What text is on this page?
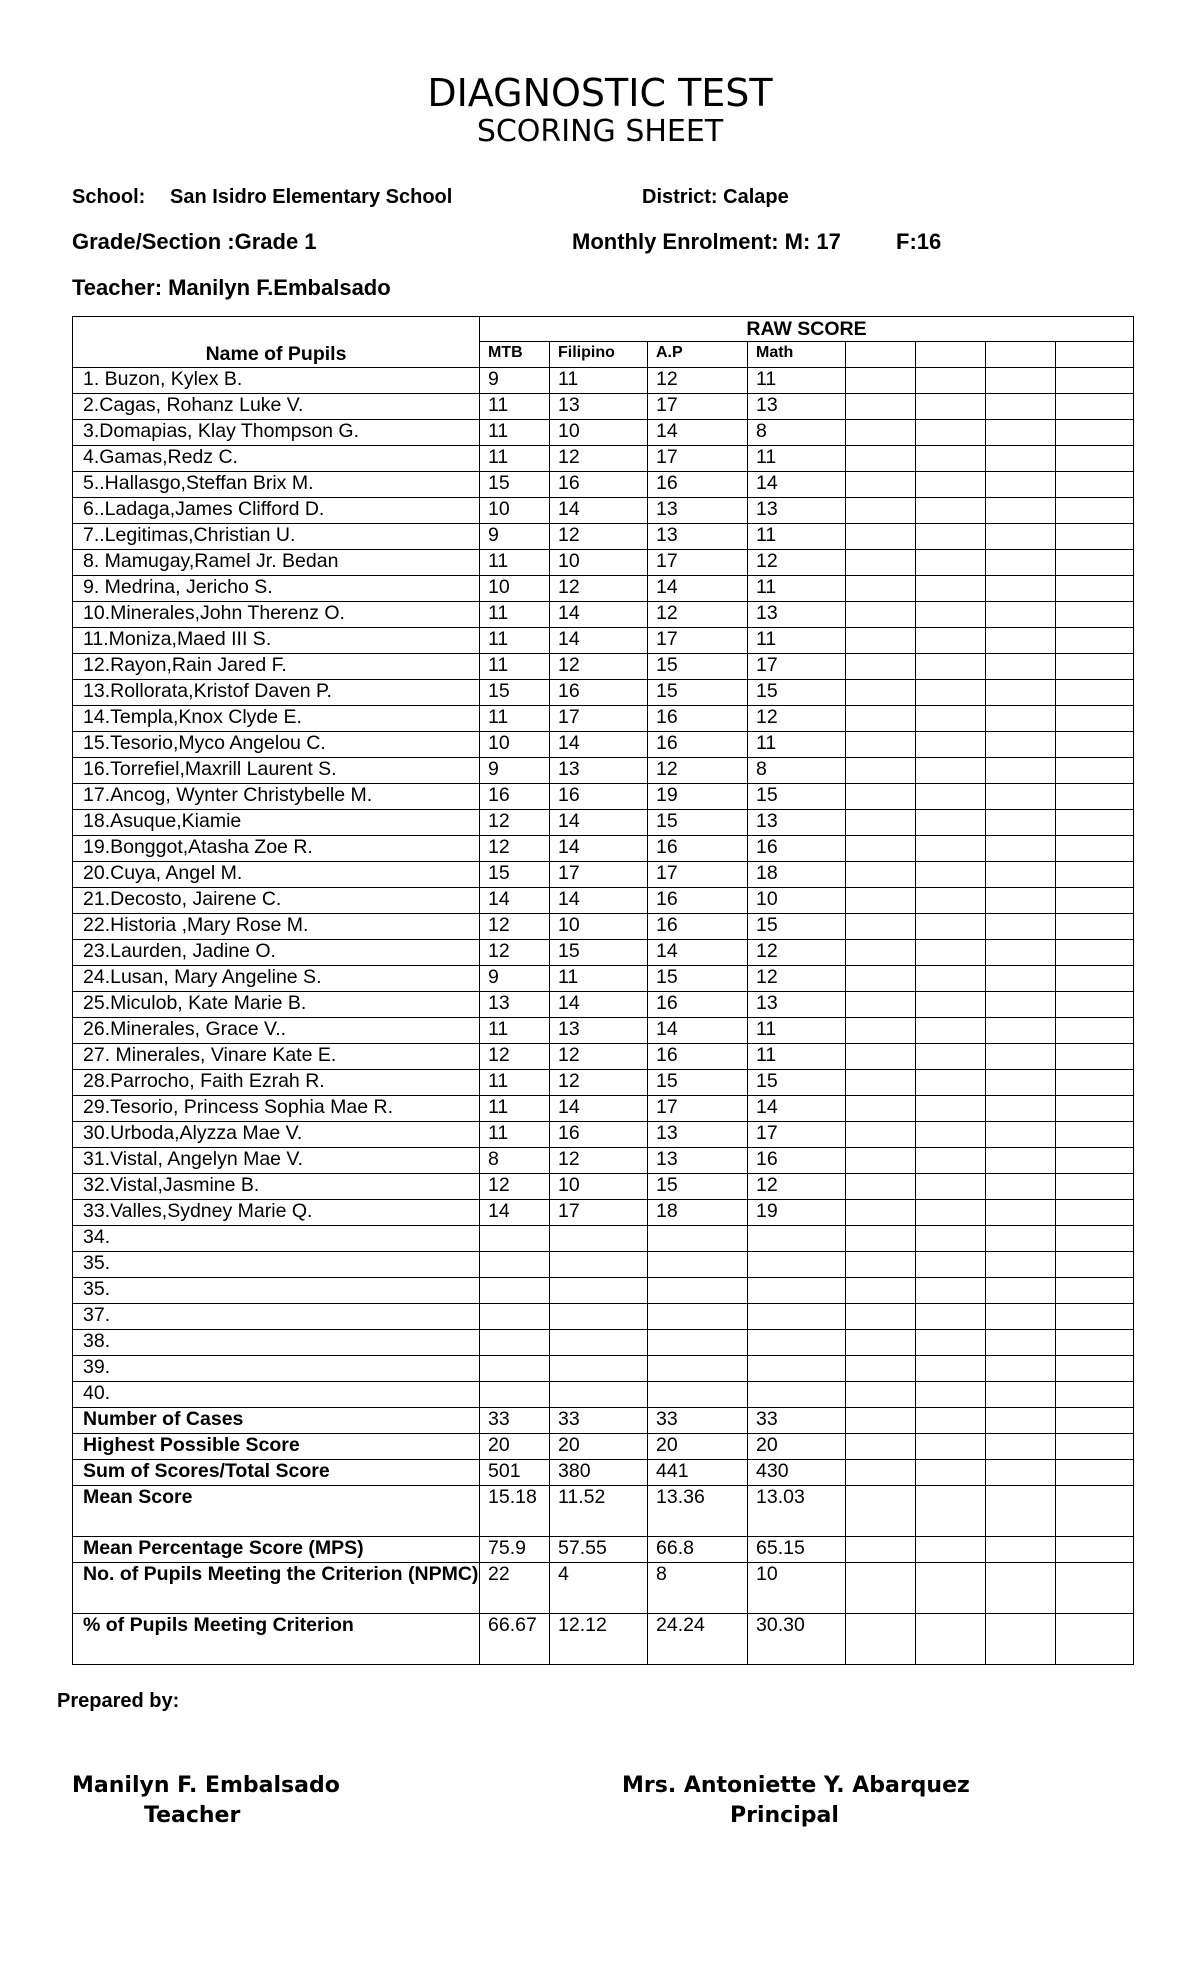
DIAGNOSTIC TEST
SCORING SHEET
School: San Isidro Elementary School	District: Calape
Grade/Section :Grade 1	Monthly Enrolment: M: 17	F:16
Teacher: Manilyn F.Embalsado
Name of Pupils	RAW SCORE							
	MTB	Filipino	A.P	Math				
1. Buzon, Kylex B.	9	11	12	11				
2.Cagas, Rohanz Luke V.	11	13	17	13				
3.Domapias, Klay Thompson G.	11	10	14	8				
4.Gamas,Redz C.	11	12	17	11				
5..Hallasgo,Steffan Brix M.	15	16	16	14				
6..Ladaga,James Clifford D.	10	14	13	13				
7..Legitimas,Christian U.	9	12	13	11				
8. Mamugay,Ramel Jr. Bedan	11	10	17	12				
9. Medrina, Jericho S.	10	12	14	11				
10.Minerales,John Therenz O.	11	14	12	13				
11.Moniza,Maed III S.	11	14	17	11				
12.Rayon,Rain Jared F.	11	12	15	17				
13.Rollorata,Kristof Daven P.	15	16	15	15				
14.Templa,Knox Clyde E.	11	17	16	12				
15.Tesorio,Myco Angelou C.	10	14	16	11				
16.Torrefiel,Maxrill Laurent S.	9	13	12	8				
17.Ancog, Wynter Christybelle M.	16	16	19	15				
18.Asuque,Kiamie	12	14	15	13				
19.Bonggot,Atasha Zoe R.	12	14	16	16				
20.Cuya, Angel M.	15	17	17	18				
21.Decosto, Jairene C.	14	14	16	10				
22.Historia ,Mary Rose M.	12	10	16	15				
23.Laurden, Jadine O.	12	15	14	12				
24.Lusan, Mary Angeline S.	9	11	15	12				
25.Miculob, Kate Marie B.	13	14	16	13				
26.Minerales, Grace V..	11	13	14	11				
27. Minerales, Vinare Kate E.	12	12	16	11				
28.Parrocho, Faith Ezrah R.	11	12	15	15				
29.Tesorio, Princess Sophia Mae R.	11	14	17	14				
30.Urboda,Alyzza Mae V.	11	16	13	17				
31.Vistal, Angelyn Mae V.	8	12	13	16				
32.Vistal,Jasmine B.	12	10	15	12				
33.Valles,Sydney Marie Q.	14	17	18	19				
34.								
35.								
35.								
37.								
38.								
39.								
40.								
Number of Cases	33	33	33	33				
Highest Possible Score	20	20	20	20				
Sum of Scores/Total Score	501	380	441	430				
Mean Score	15.18	11.52	13.36	13.03				
Mean Percentage Score (MPS)	75.9	57.55	66.8	65.15				
No. of Pupils Meeting the Criterion (NPMC)	22	4	8	10				
% of Pupils Meeting Criterion	66.67	12.12	24.24	30.30				
Prepared by:
Manilyn F. Embalsado
Teacher
Mrs. Antoniette Y. Abarquez
Principal
